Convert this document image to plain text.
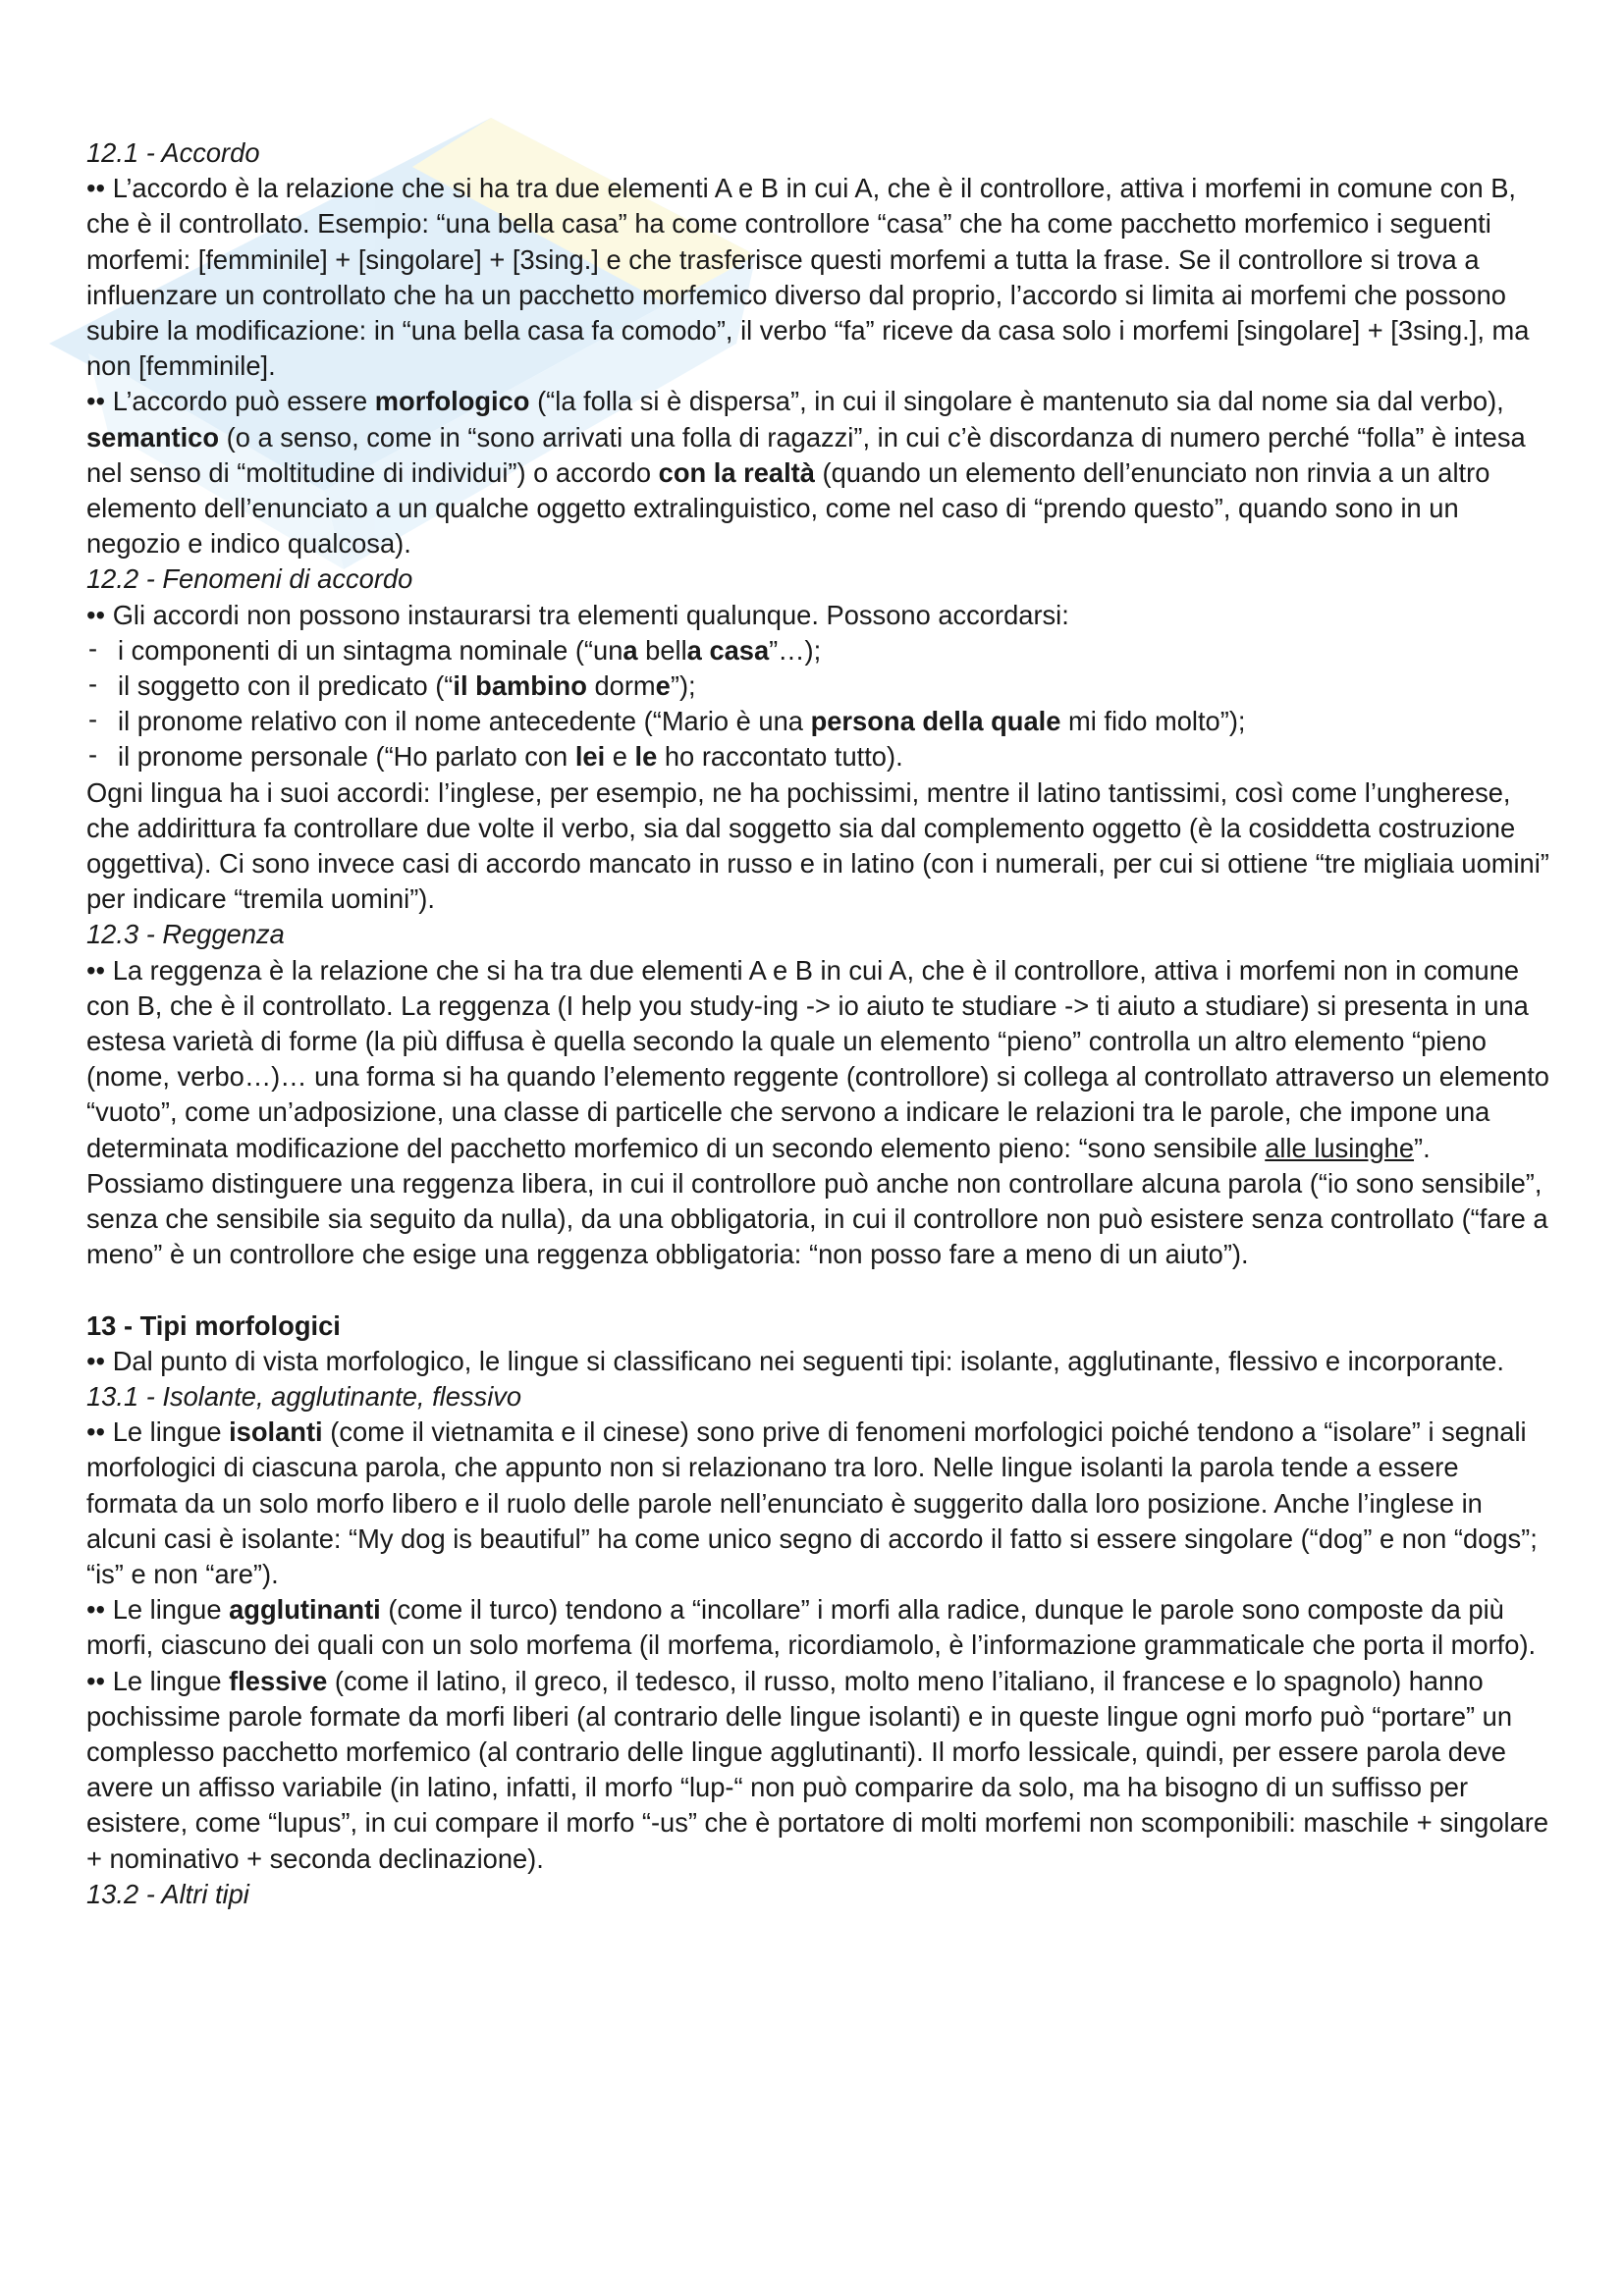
12.1 - Accordo

•• L’accordo è la relazione che si ha tra due elementi A e B in cui A, che è il controllore, attiva i morfemi in comune con B, che è il controllato. Esempio: “una bella casa” ha come controllore “casa” che ha come pacchetto morfemico i seguenti morfemi: [femminile] + [singolare] + [3sing.] e che trasferisce questi morfemi a tutta la frase. Se il controllore si trova a influenzare un controllato che ha un pacchetto morfemico diverso dal proprio, l’accordo si limita ai morfemi che possono subire la modificazione: in “una bella casa fa comodo”, il verbo “fa” riceve da casa solo i morfemi [singolare] + [3sing.], ma non [femminile].

•• L’accordo può essere morfologico (“la folla si è dispersa”, in cui il singolare è mantenuto sia dal nome sia dal verbo), semantico (o a senso, come in “sono arrivati una folla di ragazzi”, in cui c’è discordanza di numero perché “folla” è intesa nel senso di “moltitudine di individui”) o accordo con la realtà (quando un elemento dell’enunciato non rinvia a un altro elemento dell’enunciato a un qualche oggetto extralinguistico, come nel caso di “prendo questo”, quando sono in un negozio e indico qualcosa).

12.2 - Fenomeni di accordo

•• Gli accordi non possono instaurarsi tra elementi qualunque. Possono accordarsi:

- i componenti di un sintagma nominale (“una bella casa”…);

- il soggetto con il predicato (“il bambino dorme”);

- il pronome relativo con il nome antecedente (“Mario è una persona della quale mi fido molto”);

- il pronome personale (“Ho parlato con lei e le ho raccontato tutto).

Ogni lingua ha i suoi accordi: l’inglese, per esempio, ne ha pochissimi, mentre il latino tantissimi, così come l’ungherese, che addirittura fa controllare due volte il verbo, sia dal soggetto sia dal complemento oggetto (è la cosiddetta costruzione oggettiva). Ci sono invece casi di accordo mancato in russo e in latino (con i numerali, per cui si ottiene “tre migliaia uomini” per indicare “tremila uomini”).

12.3 - Reggenza

•• La reggenza è la relazione che si ha tra due elementi A e B in cui A, che è il controllore, attiva i morfemi non in comune con B, che è il controllato. La reggenza (I help you study-ing -> io aiuto te studiare -> ti aiuto a studiare) si presenta in una estesa varietà di forme (la più diffusa è quella secondo la quale un elemento “pieno” controlla un altro elemento “pieno (nome, verbo…)… una forma si ha quando l’elemento reggente (controllore) si collega al controllato attraverso un elemento “vuoto”, come un’adposizione, una classe di particelle che servono a indicare le relazioni tra le parole, che impone una determinata modificazione del pacchetto morfemico di un secondo elemento pieno: “sono sensibile alle lusinghe”.

Possiamo distinguere una reggenza libera, in cui il controllore può anche non controllare alcuna parola (“io sono sensibile”, senza che sensibile sia seguito da nulla), da una obbligatoria, in cui il controllore non può esistere senza controllato (“fare a meno” è un controllore che esige una reggenza obbligatoria: “non posso fare a meno di un aiuto”).

13 - Tipi morfologici

•• Dal punto di vista morfologico, le lingue si classificano nei seguenti tipi: isolante, agglutinante, flessivo e incorporante.

13.1 - Isolante, agglutinante, flessivo

•• Le lingue isolanti (come il vietnamita e il cinese) sono prive di fenomeni morfologici poiché tendono a “isolare” i segnali morfologici di ciascuna parola, che appunto non si relazionano tra loro. Nelle lingue isolanti la parola tende a essere formata da un solo morfo libero e il ruolo delle parole nell’enunciato è suggerito dalla loro posizione. Anche l’inglese in alcuni casi è isolante: “My dog is beautiful” ha come unico segno di accordo il fatto si essere singolare (“dog” e non “dogs”; “is” e non “are”).

•• Le lingue agglutinanti (come il turco) tendono a “incollare” i morfi alla radice, dunque le parole sono composte da più morfi, ciascuno dei quali con un solo morfema (il morfema, ricordiamolo, è l’informazione grammaticale che porta il morfo).

•• Le lingue flessive (come il latino, il greco, il tedesco, il russo, molto meno l’italiano, il francese e lo spagnolo) hanno pochissime parole formate da morfi liberi (al contrario delle lingue isolanti) e in queste lingue ogni morfo può “portare” un complesso pacchetto morfemico (al contrario delle lingue agglutinanti). Il morfo lessicale, quindi, per essere parola deve avere un affisso variabile (in latino, infatti, il morfo “lup-“ non può comparire da solo, ma ha bisogno di un suffisso per esistere, come “lupus”, in cui compare il morfo “-us” che è portatore di molti morfemi non scomponibili: maschile + singolare + nominativo + seconda declinazione).

13.2 - Altri tipi
